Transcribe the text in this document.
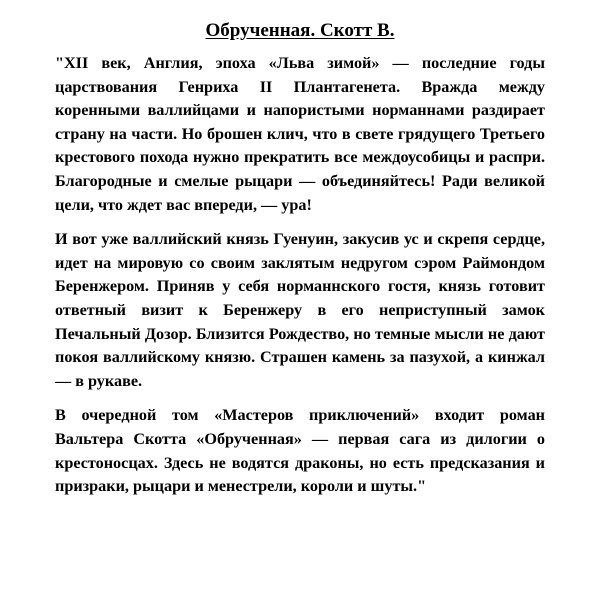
Обрученная. Скотт В.

"XII век, Англия, эпоха «Льва зимой» — последние годы царствования Генриха II Плантагенета. Вражда между коренными валлийцами и напористыми норманнами раздирает страну на части. Но брошен клич, что в свете грядущего Третьего крестового похода нужно прекратить все междоусобицы и распри. Благородные и смелые рыцари — объединяйтесь! Ради великой цели, что ждет вас впереди, — ура!

И вот уже валлийский князь Гуенуин, закусив ус и скрепя сердце, идет на мировую со своим заклятым недругом сэром Раймондом Беренжером. Приняв у себя норманнского гостя, князь готовит ответный визит к Беренжеру в его неприступный замок Печальный Дозор. Близится Рождество, но темные мысли не дают покоя валлийскому князю. Страшен камень за пазухой, а кинжал — в рукаве.

В очередной том «Мастеров приключений» входит роман Вальтера Скотта «Обрученная» — первая сага из дилогии о крестоносцах. Здесь не водятся драконы, но есть предсказания и призраки, рыцари и менестрели, короли и шуты."
